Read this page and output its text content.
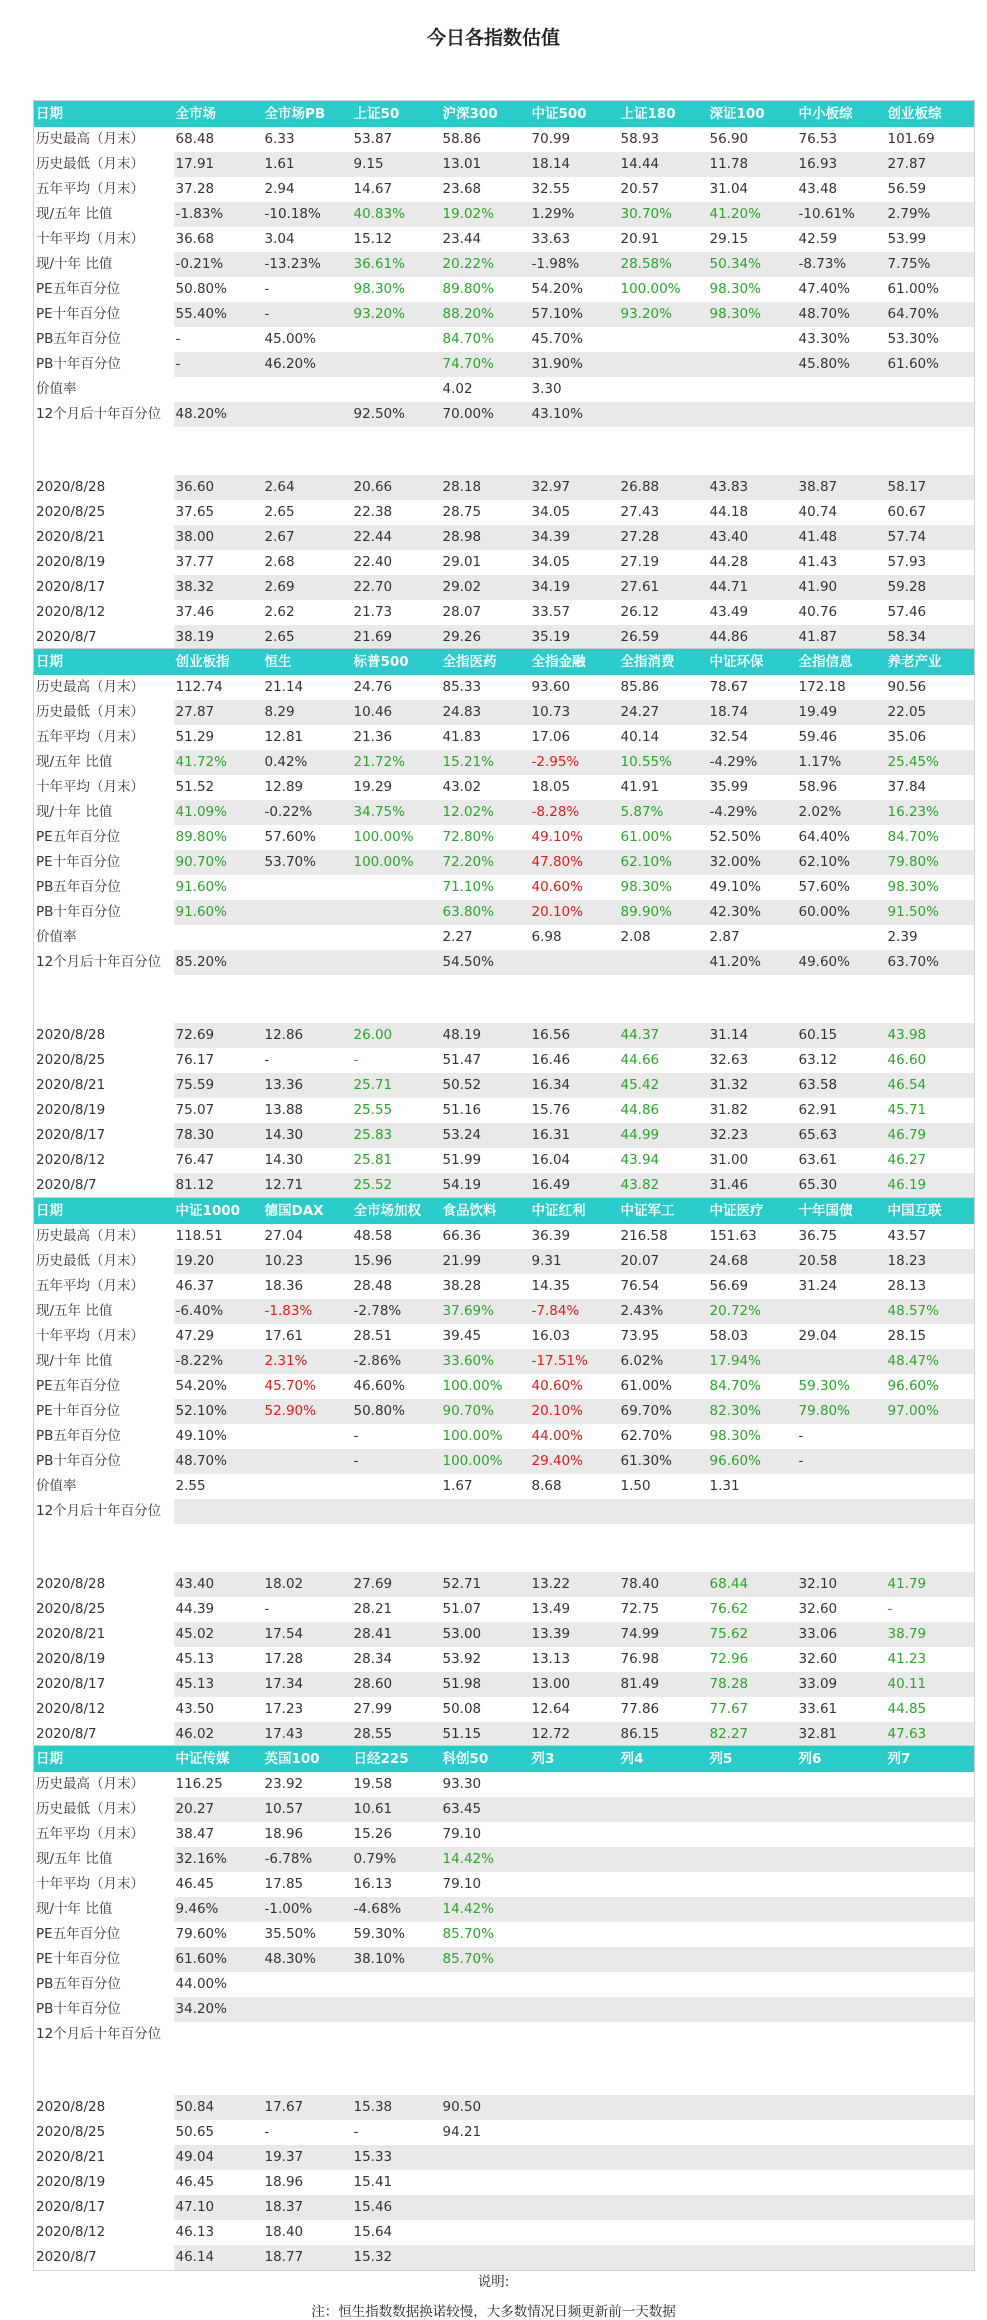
今日各指数估值
日期	全市场	全市场PB	上证50	沪深300	中证500	上证180	深证100	中小板综	创业板综
历史最高（月末）	68.48	6.33	53.87	58.86	70.99	58.93	56.90	76.53	101.69
历史最低（月末）	17.91	1.61	9.15	13.01	18.14	14.44	11.78	16.93	27.87
五年平均（月末）	37.28	2.94	14.67	23.68	32.55	20.57	31.04	43.48	56.59
现/五年 比值	-1.83%	-10.18%	40.83%	19.02%	1.29%	30.70%	41.20%	-10.61%	2.79%
十年平均（月末）	36.68	3.04	15.12	23.44	33.63	20.91	29.15	42.59	53.99
现/十年 比值	-0.21%	-13.23%	36.61%	20.22%	-1.98%	28.58%	50.34%	-8.73%	7.75%
PE五年百分位	50.80%	-	98.30%	89.80%	54.20%	100.00%	98.30%	47.40%	61.00%
PE十年百分位	55.40%	-	93.20%	88.20%	57.10%	93.20%	98.30%	48.70%	64.70%
PB五年百分位	-	45.00%		84.70%	45.70%			43.30%	53.30%
PB十年百分位	-	46.20%		74.70%	31.90%			45.80%	61.60%
价值率				4.02	3.30				
12个月后十年百分位	48.20%		92.50%	70.00%	43.10%				

2020/8/28	36.60	2.64	20.66	28.18	32.97	26.88	43.83	38.87	58.17
2020/8/25	37.65	2.65	22.38	28.75	34.05	27.43	44.18	40.74	60.67
2020/8/21	38.00	2.67	22.44	28.98	34.39	27.28	43.40	41.48	57.74
2020/8/19	37.77	2.68	22.40	29.01	34.05	27.19	44.28	41.43	57.93
2020/8/17	38.32	2.69	22.70	29.02	34.19	27.61	44.71	41.90	59.28
2020/8/12	37.46	2.62	21.73	28.07	33.57	26.12	43.49	40.76	57.46
2020/8/7	38.19	2.65	21.69	29.26	35.19	26.59	44.86	41.87	58.34
日期	创业板指	恒生	标普500	全指医药	全指金融	全指消费	中证环保	全指信息	养老产业
历史最高（月末）	112.74	21.14	24.76	85.33	93.60	85.86	78.67	172.18	90.56
历史最低（月末）	27.87	8.29	10.46	24.83	10.73	24.27	18.74	19.49	22.05
五年平均（月末）	51.29	12.81	21.36	41.83	17.06	40.14	32.54	59.46	35.06
现/五年 比值	41.72%	0.42%	21.72%	15.21%	-2.95%	10.55%	-4.29%	1.17%	25.45%
十年平均（月末）	51.52	12.89	19.29	43.02	18.05	41.91	35.99	58.96	37.84
现/十年 比值	41.09%	-0.22%	34.75%	12.02%	-8.28%	5.87%	-4.29%	2.02%	16.23%
PE五年百分位	89.80%	57.60%	100.00%	72.80%	49.10%	61.00%	52.50%	64.40%	84.70%
PE十年百分位	90.70%	53.70%	100.00%	72.20%	47.80%	62.10%	32.00%	62.10%	79.80%
PB五年百分位	91.60%			71.10%	40.60%	98.30%	49.10%	57.60%	98.30%
PB十年百分位	91.60%			63.80%	20.10%	89.90%	42.30%	60.00%	91.50%
价值率				2.27	6.98	2.08	2.87		2.39
12个月后十年百分位	85.20%			54.50%			41.20%	49.60%	63.70%

2020/8/28	72.69	12.86	26.00	48.19	16.56	44.37	31.14	60.15	43.98
2020/8/25	76.17	-	-	51.47	16.46	44.66	32.63	63.12	46.60
2020/8/21	75.59	13.36	25.71	50.52	16.34	45.42	31.32	63.58	46.54
2020/8/19	75.07	13.88	25.55	51.16	15.76	44.86	31.82	62.91	45.71
2020/8/17	78.30	14.30	25.83	53.24	16.31	44.99	32.23	65.63	46.79
2020/8/12	76.47	14.30	25.81	51.99	16.04	43.94	31.00	63.61	46.27
2020/8/7	81.12	12.71	25.52	54.19	16.49	43.82	31.46	65.30	46.19
日期	中证1000	德国DAX	全市场加权	食品饮料	中证红利	中证军工	中证医疗	十年国债	中国互联
历史最高（月末）	118.51	27.04	48.58	66.36	36.39	216.58	151.63	36.75	43.57
历史最低（月末）	19.20	10.23	15.96	21.99	9.31	20.07	24.68	20.58	18.23
五年平均（月末）	46.37	18.36	28.48	38.28	14.35	76.54	56.69	31.24	28.13
现/五年 比值	-6.40%	-1.83%	-2.78%	37.69%	-7.84%	2.43%	20.72%		48.57%
十年平均（月末）	47.29	17.61	28.51	39.45	16.03	73.95	58.03	29.04	28.15
现/十年 比值	-8.22%	2.31%	-2.86%	33.60%	-17.51%	6.02%	17.94%		48.47%
PE五年百分位	54.20%	45.70%	46.60%	100.00%	40.60%	61.00%	84.70%	59.30%	96.60%
PE十年百分位	52.10%	52.90%	50.80%	90.70%	20.10%	69.70%	82.30%	79.80%	97.00%
PB五年百分位	49.10%		-	100.00%	44.00%	62.70%	98.30%	-	
PB十年百分位	48.70%		-	100.00%	29.40%	61.30%	96.60%	-	
价值率	2.55			1.67	8.68	1.50	1.31		
12个月后十年百分位									

2020/8/28	43.40	18.02	27.69	52.71	13.22	78.40	68.44	32.10	41.79
2020/8/25	44.39	-	28.21	51.07	13.49	72.75	76.62	32.60	-
2020/8/21	45.02	17.54	28.41	53.00	13.39	74.99	75.62	33.06	38.79
2020/8/19	45.13	17.28	28.34	53.92	13.13	76.98	72.96	32.60	41.23
2020/8/17	45.13	17.34	28.60	51.98	13.00	81.49	78.28	33.09	40.11
2020/8/12	43.50	17.23	27.99	50.08	12.64	77.86	77.67	33.61	44.85
2020/8/7	46.02	17.43	28.55	51.15	12.72	86.15	82.27	32.81	47.63
日期	中证传媒	英国100	日经225	科创50	列3	列4	列5	列6	列7
历史最高（月末）	116.25	23.92	19.58	93.30					
历史最低（月末）	20.27	10.57	10.61	63.45					
五年平均（月末）	38.47	18.96	15.26	79.10					
现/五年 比值	32.16%	-6.78%	0.79%	14.42%					
十年平均（月末）	46.45	17.85	16.13	79.10					
现/十年 比值	9.46%	-1.00%	-4.68%	14.42%					
PE五年百分位	79.60%	35.50%	59.30%	85.70%					
PE十年百分位	61.60%	48.30%	38.10%	85.70%					
PB五年百分位	44.00%								
PB十年百分位	34.20%								
12个月后十年百分位									

2020/8/28	50.84	17.67	15.38	90.50					
2020/8/25	50.65	-	-	94.21					
2020/8/21	49.04	19.37	15.33						
2020/8/19	46.45	18.96	15.41						
2020/8/17	47.10	18.37	15.46						
2020/8/12	46.13	18.40	15.64						
2020/8/7	46.14	18.77	15.32						
说明:
注：恒生指数数据换诺较慢，大多数情况日频更新前一天数据
